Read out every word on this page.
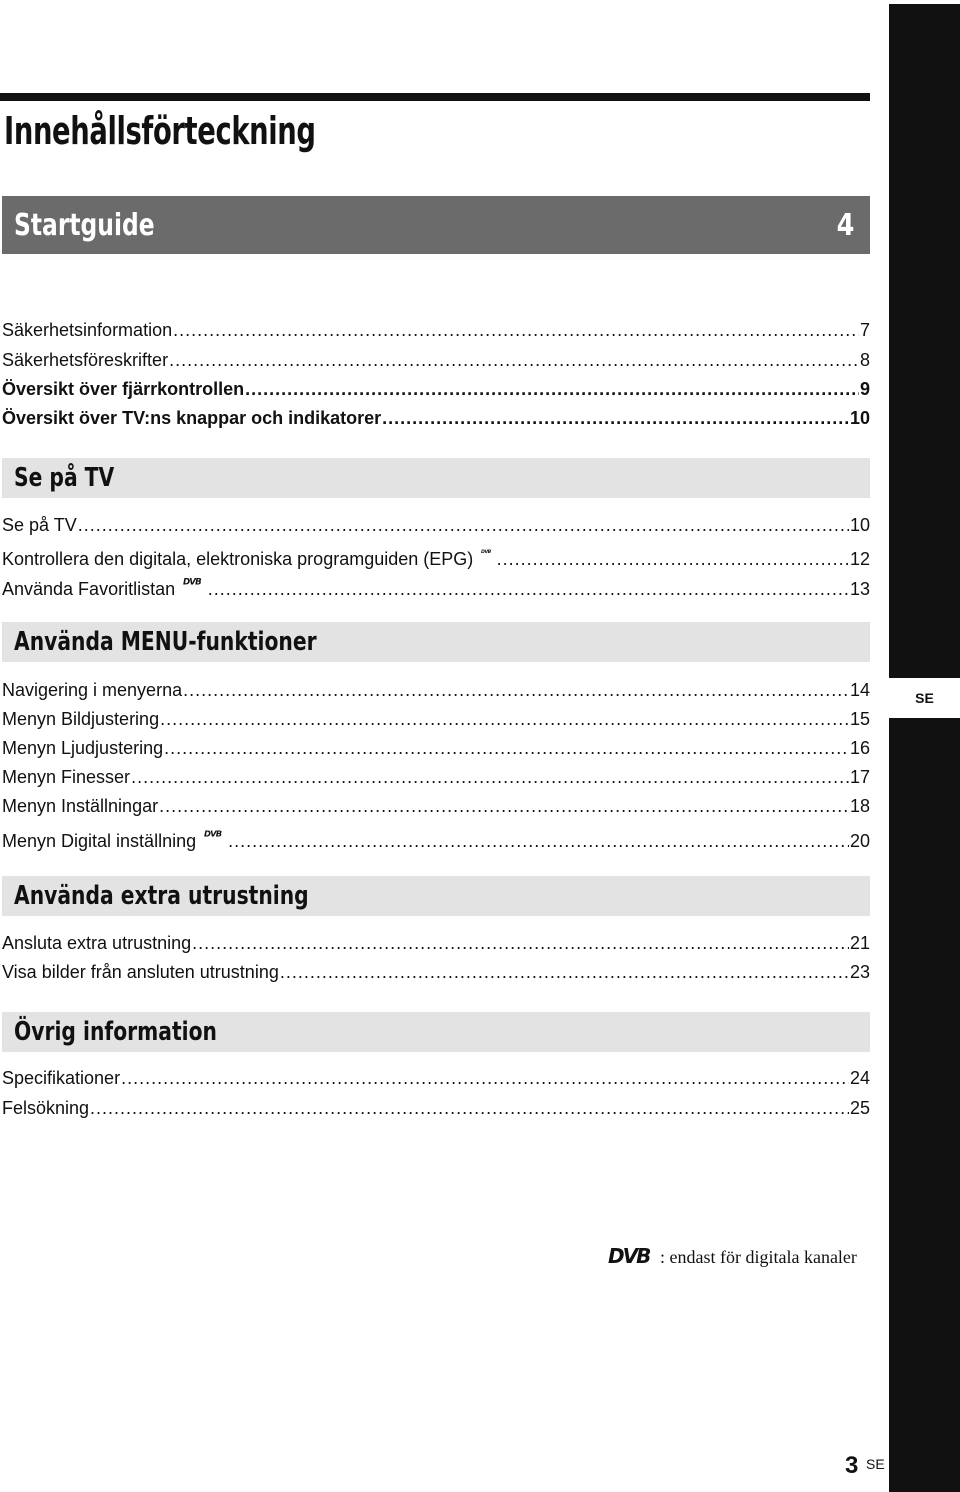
SE
Innehållsförteckning
Startguide	4
Säkerhetsinformation .....	7
Säkerhetsföreskrifter .....	8
Översikt över fjärrkontrollen .....	9
Översikt över TV:ns knappar och indikatorer .....	10
Se på TV
Se på TV .....	10
Kontrollera den digitala, elektroniska programguiden (EPG) DVB .....	12
Använda Favoritlistan DVB .....	13
Använda MENU-funktioner
Navigering i menyerna .....	14
Menyn Bildjustering .....	15
Menyn Ljudjustering .....	16
Menyn Finesser .....	17
Menyn Inställningar .....	18
Menyn Digital inställning DVB .....	20
Använda extra utrustning
Ansluta extra utrustning .....	21
Visa bilder från ansluten utrustning .....	23
Övrig information
Specifikationer .....	24
Felsökning .....	25
DVB : endast för digitala kanaler
3 SE
